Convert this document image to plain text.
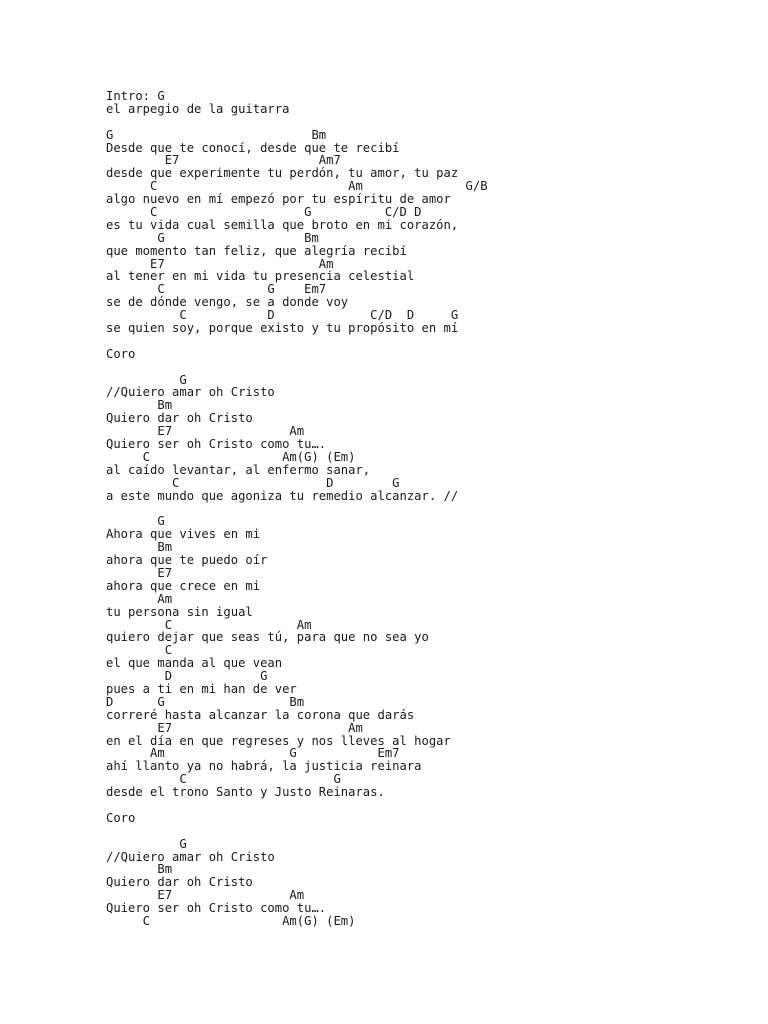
Intro: G
el arpegio de la guitarra
G                           Bm
Desde que te conocí, desde que te recibí
E7                   Am7
desde que experimente tu perdón, tu amor, tu paz
C                          Am              G/B
algo nuevo en mí empezó por tu espíritu de amor
C                    G          C/D D
es tu vida cual semilla que broto en mi corazón,
G                   Bm
que momento tan feliz, que alegría recibí
E7                     Am
al tener en mi vida tu presencia celestial
C              G    Em7
se de dónde vengo, se a donde voy
C           D             C/D  D     G
se quien soy, porque existo y tu propósito en mí
Coro
G
//Quiero amar oh Cristo
Bm
Quiero dar oh Cristo
E7                Am
Quiero ser oh Cristo como tu….
C                  Am(G) (Em)
al caído levantar, al enfermo sanar,
C                    D        G
a este mundo que agoniza tu remedio alcanzar. //
G
Ahora que vives en mi
Bm
ahora que te puedo oír
E7
ahora que crece en mi
Am
tu persona sin igual
C                 Am
quiero dejar que seas tú, para que no sea yo
C
el que manda al que vean
D            G
pues a ti en mi han de ver
D      G                 Bm
correré hasta alcanzar la corona que darás
E7                        Am
en el día en que regreses y nos lleves al hogar
Am                 G           Em7
ahí llanto ya no habrá, la justicia reinara
C                    G
desde el trono Santo y Justo Reinaras.
Coro
G
//Quiero amar oh Cristo
Bm
Quiero dar oh Cristo
E7                Am
Quiero ser oh Cristo como tu….
C                  Am(G) (Em)
